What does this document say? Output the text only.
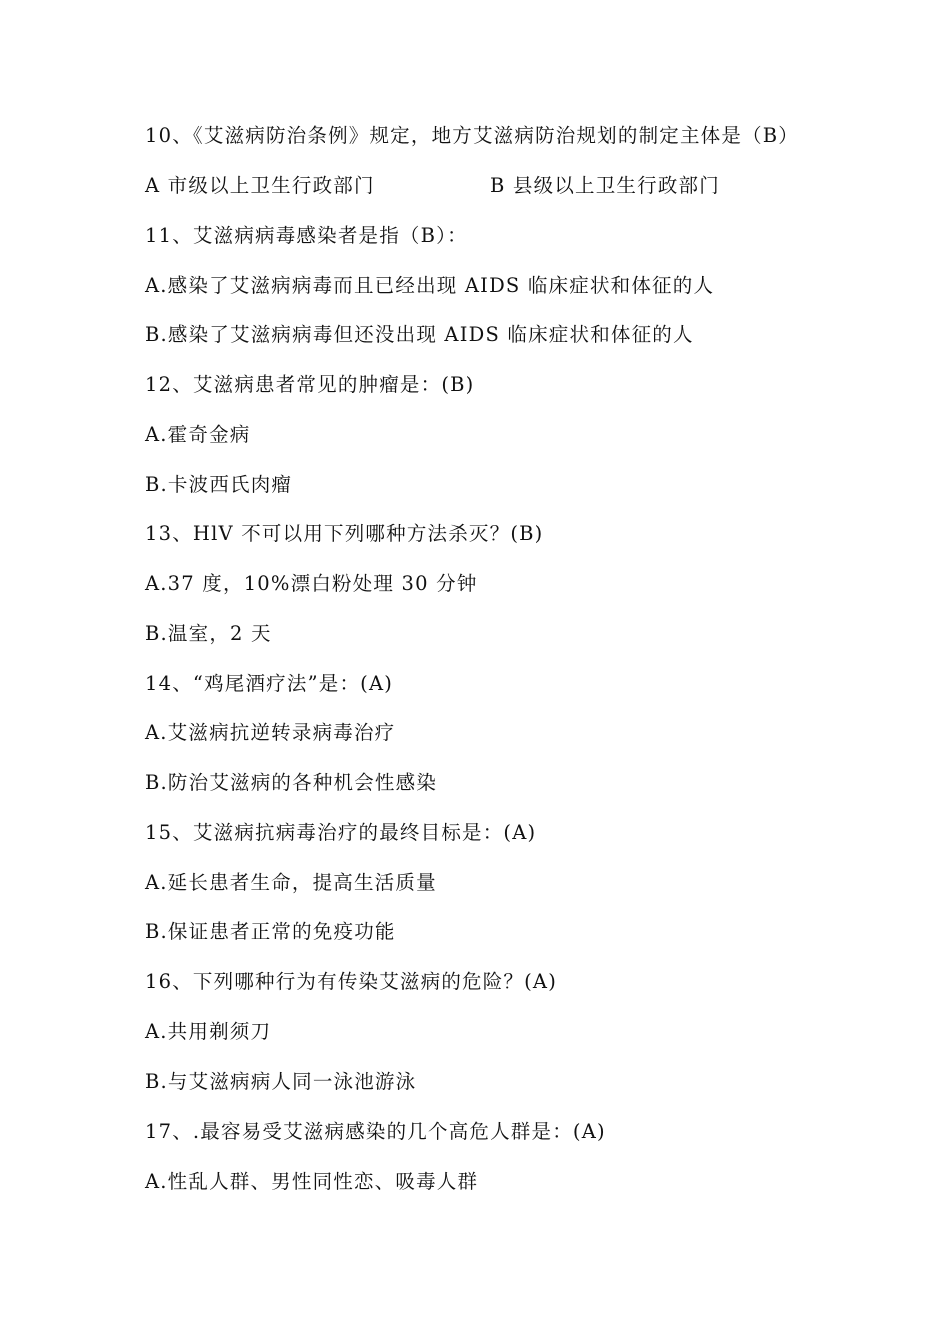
10、《艾滋病防治条例》规定，地方艾滋病防治规划的制定主体是（B）
A 市级以上卫生行政部门	B 县级以上卫生行政部门
11、艾滋病病毒感染者是指（B）：
A.感染了艾滋病病毒而且已经出现 AIDS 临床症状和体征的人
B.感染了艾滋病病毒但还没出现 AIDS 临床症状和体征的人
12、艾滋病患者常见的肿瘤是：(B)
A.霍奇金病
B.卡波西氏肉瘤
13、HlV 不可以用下列哪种方法杀灭？(B)
A.37 度，10%漂白粉处理 30 分钟
B.温室，2 天
14、“鸡尾酒疗法”是：(A)
A.艾滋病抗逆转录病毒治疗
B.防治艾滋病的各种机会性感染
15、艾滋病抗病毒治疗的最终目标是：(A)
A.延长患者生命，提高生活质量
B.保证患者正常的免疫功能
16、下列哪种行为有传染艾滋病的危险？(A)
A.共用剃须刀
B.与艾滋病病人同一泳池游泳
17、.最容易受艾滋病感染的几个高危人群是：(A)
A.性乱人群、男性同性恋、吸毒人群
